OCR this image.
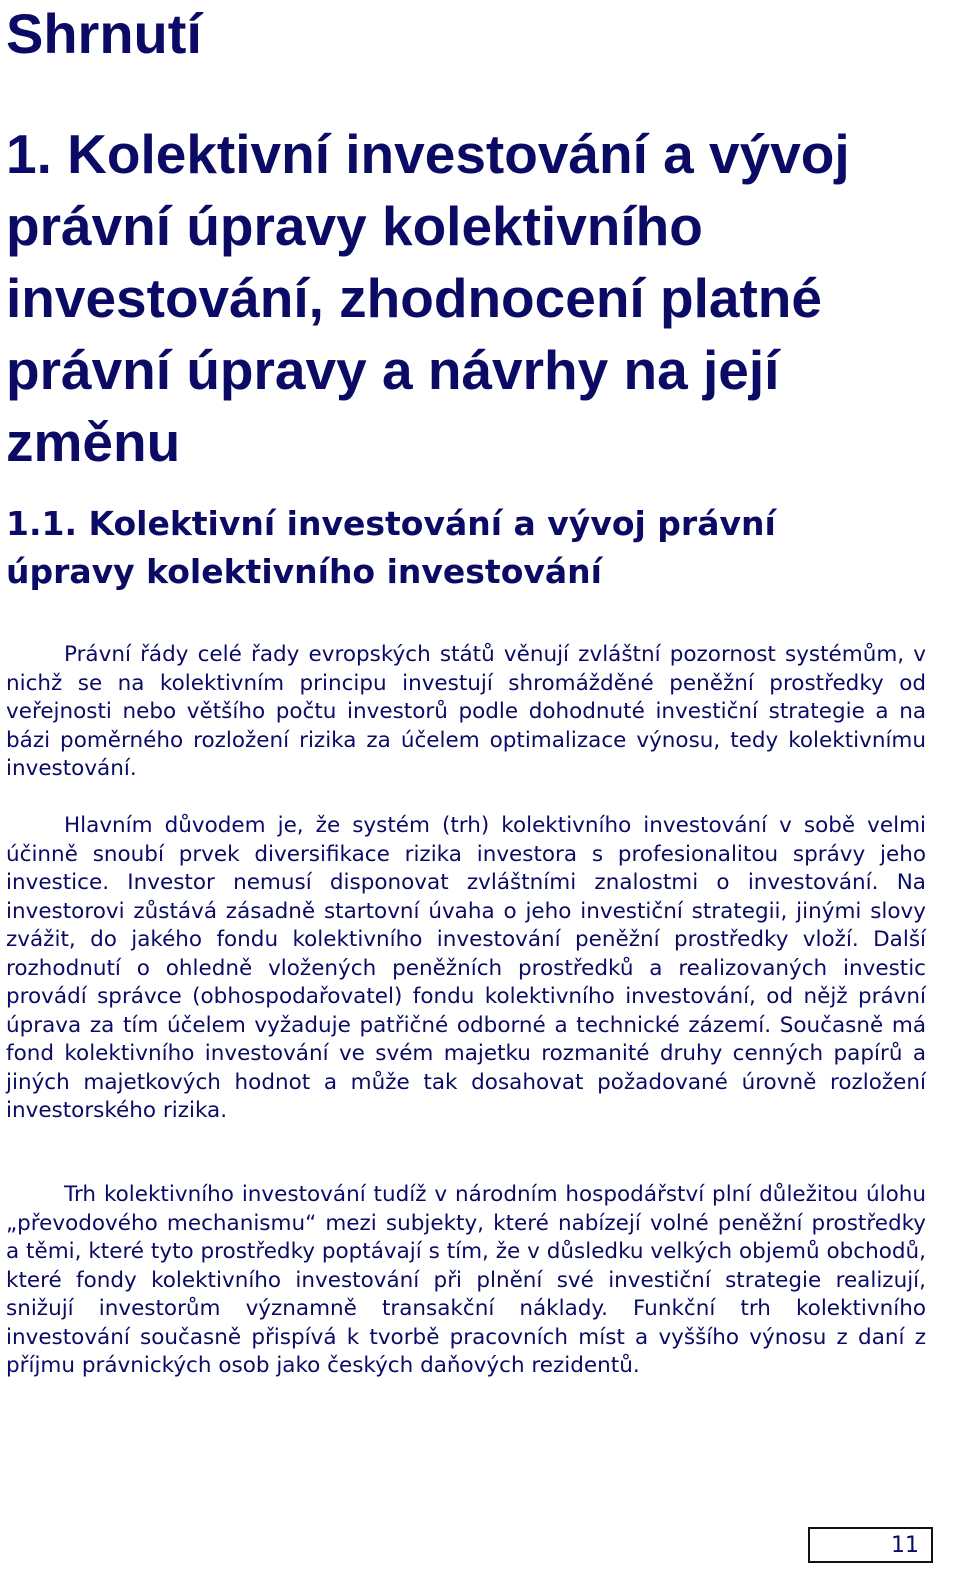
Shrnutí
1. Kolektivní investování a vývoj právní úpravy kolektivního investování, zhodnocení platné právní úpravy a návrhy na její změnu
1.1. Kolektivní investování a vývoj právní úpravy kolektivního investování

Právní řády celé řady evropských států věnují zvláštní pozornost systémům, v nichž se na kolektivním principu investují shromážděné peněžní prostředky od veřejnosti nebo většího počtu investorů podle dohodnuté investiční strategie a na bázi poměrného rozložení rizika za účelem optimalizace výnosu, tedy kolektivnímu investování.

Hlavním důvodem je, že systém (trh) kolektivního investování v sobě velmi účinně snoubí prvek diversifikace rizika investora s profesionalitou správy jeho investice. Investor nemusí disponovat zvláštními znalostmi o investování. Na investorovi zůstává zásadně startovní úvaha o jeho investiční strategii, jinými slovy zvážit, do jakého fondu kolektivního investování peněžní prostředky vloží. Další rozhodnutí o ohledně vložených peněžních prostředků a realizovaných investic provádí správce (obhospodařovatel) fondu kolektivního investování, od nějž právní úprava za tím účelem vyžaduje patřičné odborné a technické zázemí. Současně má fond kolektivního investování ve svém majetku rozmanité druhy cenných papírů a jiných majetkových hodnot a může tak dosahovat požadované úrovně rozložení investorského rizika.

Trh kolektivního investování tudíž v národním hospodářství plní důležitou úlohu „převodového mechanismu“ mezi subjekty, které nabízejí volné peněžní prostředky a těmi, které tyto prostředky poptávají s tím, že v důsledku velkých objemů obchodů, které fondy kolektivního investování při plnění své investiční strategie realizují, snižují investorům významně transakční náklady. Funkční trh kolektivního investování současně přispívá k tvorbě pracovních míst a vyššího výnosu z daní z příjmu právnických osob jako českých daňových rezidentů.

11
